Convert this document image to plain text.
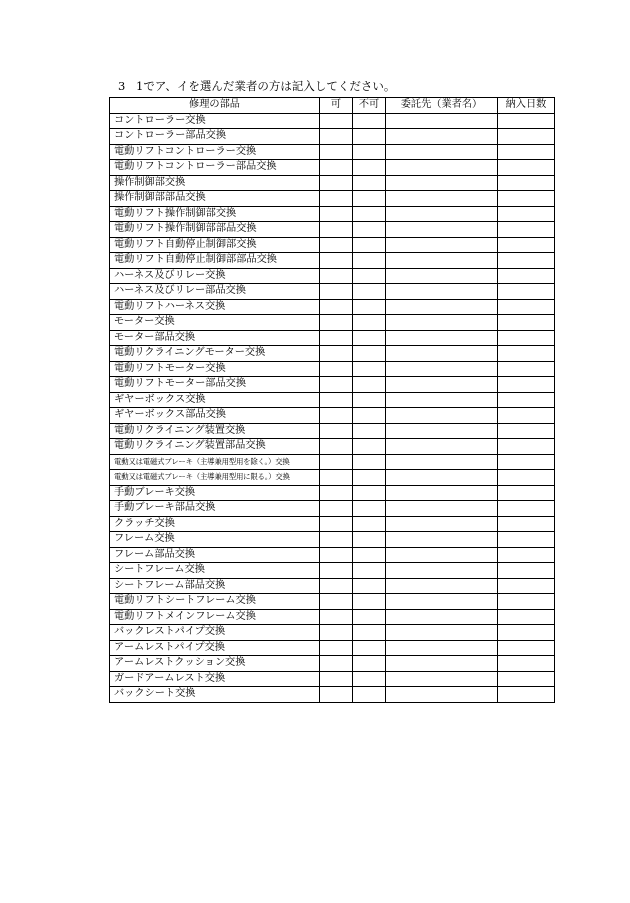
3 1でア、イを選んだ業者の方は記入してください。
修理の部品	可	不可	委託先（業者名）	納入日数
コントローラー交換				
コントローラー部品交換				
電動リフトコントローラー交換				
電動リフトコントローラー部品交換				
操作制御部交換				
操作制御部部品交換				
電動リフト操作制御部交換				
電動リフト操作制御部部品交換				
電動リフト自動停止制御部交換				
電動リフト自動停止制御部部品交換				
ハーネス及びリレー交換				
ハーネス及びリレー部品交換				
電動リフトハーネス交換				
モーター交換				
モーター部品交換				
電動リクライニングモーター交換				
電動リフトモーター交換				
電動リフトモーター部品交換				
ギヤーボックス交換				
ギヤーボックス部品交換				
電動リクライニング装置交換				
電動リクライニング装置部品交換				
電動又は電磁式ブレーキ（主導兼用型用を除く。）交換				
電動又は電磁式ブレーキ（主導兼用型用に限る。）交換				
手動ブレーキ交換				
手動ブレーキ部品交換				
クラッチ交換				
フレーム交換				
フレーム部品交換				
シートフレーム交換				
シートフレーム部品交換				
電動リフトシートフレーム交換				
電動リフトメインフレーム交換				
バックレストパイプ交換				
アームレストパイプ交換				
アームレストクッション交換				
ガードアームレスト交換				
バックシート交換				
